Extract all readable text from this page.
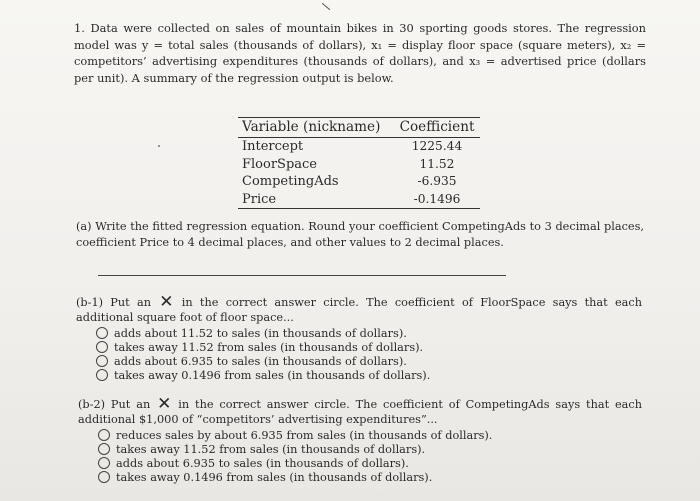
1. Data were collected on sales of mountain bikes in 30 sporting goods stores. The regression model was y = total sales (thousands of dollars), x₁ = display floor space (square meters), x₂ = competitors’ advertising expenditures (thousands of dollars), and x₃ = advertised price (dollars per unit). A summary of the regression output is below.

Variable (nickname)	Coefficient
Intercept	1225.44
FloorSpace	11.52
CompetingAds	-6.935
Price	-0.1496

(a) Write the fitted regression equation. Round your coefficient CompetingAds to 3 decimal places, coefficient Price to 4 decimal places, and other values to 2 decimal places.

(b-1) Put an ✕ in the correct answer circle. The coefficient of FloorSpace says that each additional square foot of floor space...

adds about 11.52 to sales (in thousands of dollars).
takes away 11.52 from sales (in thousands of dollars).
adds about 6.935 to sales (in thousands of dollars).
takes away 0.1496 from sales (in thousands of dollars).

(b-2) Put an ✕ in the correct answer circle. The coefficient of CompetingAds says that each additional $1,000 of “competitors’ advertising expenditures”...

reduces sales by about 6.935 from sales (in thousands of dollars).
takes away 11.52 from sales (in thousands of dollars).
adds about 6.935 to sales (in thousands of dollars).
takes away 0.1496 from sales (in thousands of dollars).
